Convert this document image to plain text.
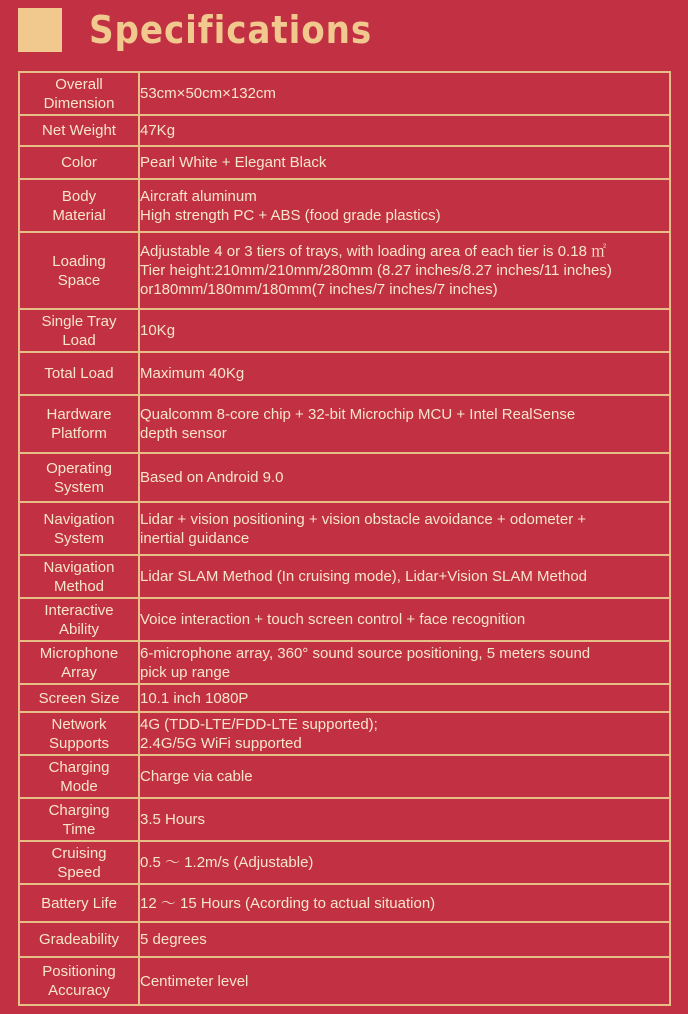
Specifications
Overall
Dimension	53cm×50cm×132cm

Net Weight	47Kg

Color	Pearl White + Elegant Black

Body
Material	Aircraft aluminum
High strength PC + ABS (food grade plastics)

Loading
Space	Adjustable 4 or 3 tiers of trays, with loading area of each tier is 0.18 ㎡
Tier height:210mm/210mm/280mm (8.27 inches/8.27 inches/11 inches)
or180mm/180mm/180mm(7 inches/7 inches/7 inches)

Single Tray
Load	10Kg

Total Load	Maximum 40Kg

Hardware
Platform	Qualcomm 8-core chip + 32-bit Microchip MCU + Intel RealSense
depth sensor

Operating
System	Based on Android 9.0

Navigation
System	Lidar + vision positioning + vision obstacle avoidance + odometer +
inertial guidance

Navigation
Method	Lidar SLAM Method (In cruising mode), Lidar+Vision SLAM Method

Interactive
Ability	Voice interaction + touch screen control + face recognition

Microphone
Array	6-microphone array, 360° sound source positioning, 5 meters sound
pick up range

Screen Size	10.1 inch 1080P

Network
Supports	4G (TDD-LTE/FDD-LTE supported);
2.4G/5G WiFi supported

Charging
Mode	Charge via cable

Charging
Time	3.5 Hours

Cruising
Speed	0.5 ～ 1.2m/s (Adjustable)

Battery Life	12 ～ 15 Hours (Acording to actual situation)

Gradeability	5 degrees

Positioning
Accuracy	Centimeter level
